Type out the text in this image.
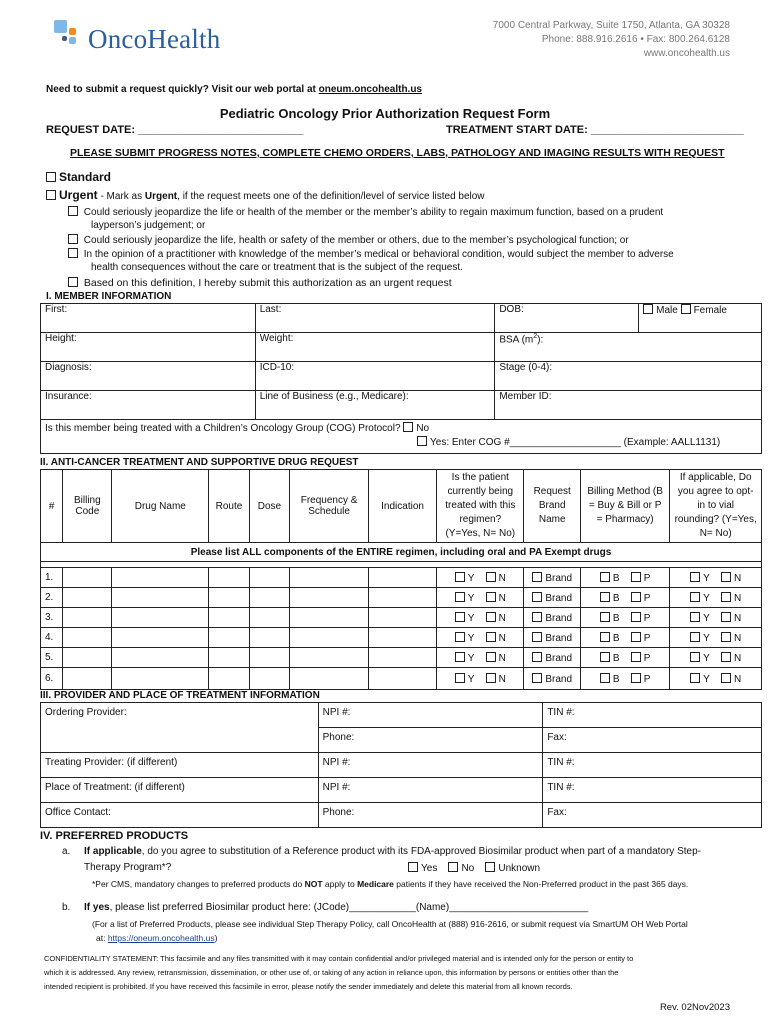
OncoHealth	7000 Central Parkway, Suite 1750, Atlanta, GA 30328
Phone: 888.916.2616 • Fax: 800.264.6128
www.oncohealth.us
Need to submit a request quickly? Visit our web portal at oneum.oncohealth.us
Pediatric Oncology Prior Authorization Request Form
REQUEST DATE: ___________________________	TREATMENT START DATE: _________________________
PLEASE SUBMIT PROGRESS NOTES, COMPLETE CHEMO ORDERS, LABS, PATHOLOGY AND IMAGING RESULTS WITH REQUEST
Standard
Urgent - Mark as Urgent, if the request meets one of the definition/level of service listed below
Could seriously jeopardize the life or health of the member or the member’s ability to regain maximum function, based on a prudent
layperson’s judgement; or
Could seriously jeopardize the life, health or safety of the member or others, due to the member’s psychological function; or
In the opinion of a practitioner with knowledge of the member’s medical or behavioral condition, would subject the member to adverse
health consequences without the care or treatment that is the subject of the request.
Based on this definition, I hereby submit this authorization as an urgent request
I. MEMBER INFORMATION
First:	Last:	DOB:	Male Female
Height:	Weight:	BSA $(m^2)$:	
Diagnosis:	ICD-10:	Stage (0-4):	
Insurance:	Line of Business (e.g., Medicare):	Member ID:	
Is this member being treated with a Children’s Oncology Group (COG) Protocol? No
Yes: Enter COG #____________________ (Example: AALL1131)			
II. ANTI-CANCER TREATMENT AND SUPPORTIVE DRUG REQUEST
#	Billing Code	Drug Name	Route	Dose	Frequency & Schedule	Indication	Is the patient currently being treated with this regimen? (Y=Yes, N= No)	Request Brand Name	Billing Method (B = Buy & Bill or P = Pharmacy)	If applicable, Do you agree to opt-in to vial rounding? (Y=Yes, N= No)
Please list ALL components of the ENTIRE regimen, including oral and PA Exempt drugs										

1.							Y N	Brand	B P	Y N
2.							Y N	Brand	B P	Y N
3.							Y N	Brand	B P	Y N
4.							Y N	Brand	B P	Y N
5.							Y N	Brand	B P	Y N
6.							Y N	Brand	B P	Y N
III. PROVIDER AND PLACE OF TREATMENT INFORMATION
Ordering Provider:	NPI #:	TIN #:
	Phone:	Fax:
Treating Provider: (if different)	NPI #:	TIN #:
Place of Treatment: (if different)	NPI #:	TIN #:
Office Contact:	Phone:	Fax:
IV. PREFERRED PRODUCTS
a. If applicable, do you agree to substitution of a Reference product with its FDA-approved Biosimilar product when part of a mandatory Step-
Therapy Program*?	Yes No Unknown
*Per CMS, mandatory changes to preferred products do NOT apply to Medicare patients if they have received the Non-Preferred product in the past 365 days.
b. If yes, please list preferred Biosimilar product here: (JCode)____________(Name)_________________________
(For a list of Preferred Products, please see individual Step Therapy Policy, call OncoHealth at (888) 916-2616, or submit request via SmartUM OH Web Portal
at: https://oneum.oncohealth.us)
CONFIDENTIALITY STATEMENT: This facsimile and any files transmitted with it may contain confidential and/or privileged material and is intended only for the person or entity to
which it is addressed. Any review, retransmission, dissemination, or other use of, or taking of any action in reliance upon, this information by persons or entities other than the
intended recipient is prohibited. If you have received this facsimile in error, please notify the sender immediately and delete this material from all known records.
Rev. 02Nov2023
